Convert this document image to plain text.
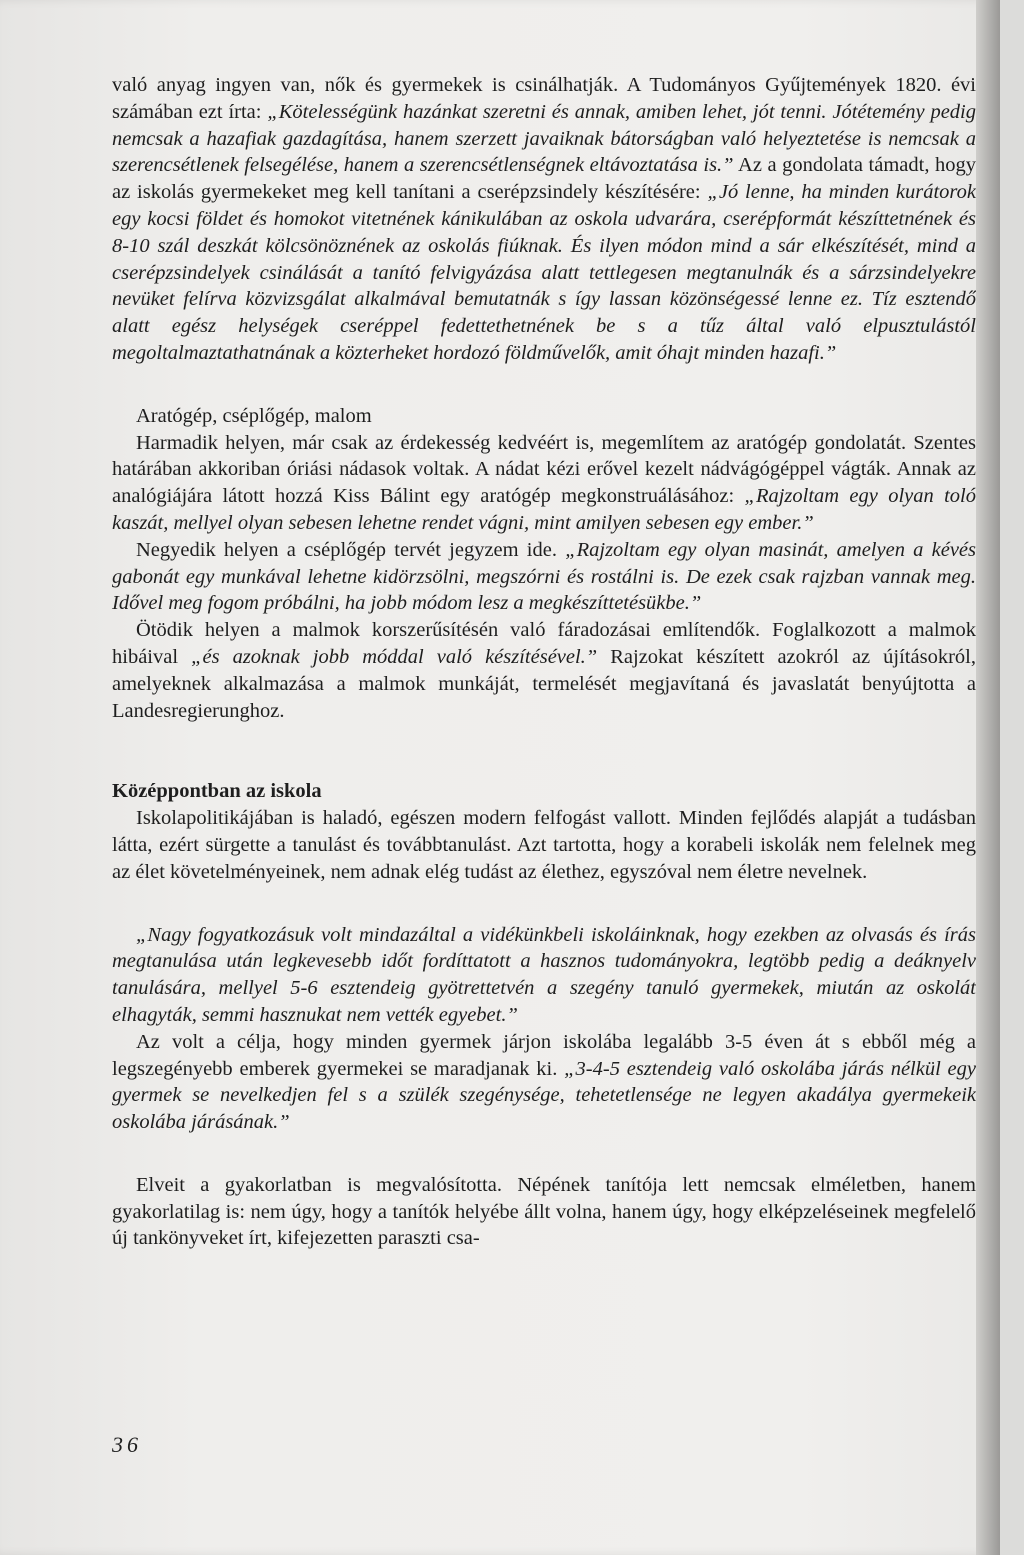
való anyag ingyen van, nők és gyermekek is csinálhatják. A Tudományos Gyűjtemények 1820. évi számában ezt írta: „Kötelességünk hazánkat szeretni és annak, amiben lehet, jót tenni. Jótétemény pedig nemcsak a hazafiak gazdagítása, hanem szerzett javaiknak bátorságban való helyeztetése is nemcsak a szerencsétlenek felsegélése, hanem a szerencsétlenségnek eltávoztatása is.” Az a gondolata támadt, hogy az iskolás gyermekeket meg kell tanítani a cserépzsindely készítésére: „Jó lenne, ha minden kurátorok egy kocsi földet és homokot vitetnének kánikulában az oskola udvarára, cserépformát készíttetnének és 8-10 szál deszkát kölcsönöznének az oskolás fiúknak. És ilyen módon mind a sár elkészítését, mind a cserépzsindelyek csinálását a tanító felvigyázása alatt tettlegesen megtanulnák és a sárzsindelyekre nevüket felírva közvizsgálat alkalmával bemutatnák s így lassan közönségessé lenne ez. Tíz esztendő alatt egész helységek cseréppel fedettethetnének be s a tűz által való elpusztulástól megoltalmaztathatnának a közterheket hordozó földművelők, amit óhajt minden hazafi.”

Aratógép, cséplőgép, malom

Harmadik helyen, már csak az érdekesség kedvéért is, megemlítem az aratógép gondolatát. Szentes határában akkoriban óriási nádasok voltak. A nádat kézi erővel kezelt nádvágógéppel vágták. Annak az analógiájára látott hozzá Kiss Bálint egy aratógép megkonstruálásához: „Rajzoltam egy olyan toló kaszát, mellyel olyan sebesen lehetne rendet vágni, mint amilyen sebesen egy ember.”

Negyedik helyen a cséplőgép tervét jegyzem ide. „Rajzoltam egy olyan masinát, amelyen a kévés gabonát egy munkával lehetne kidörzsölni, megszórni és rostálni is. De ezek csak rajzban vannak meg. Idővel meg fogom próbálni, ha jobb módom lesz a megkészíttetésükbe.”

Ötödik helyen a malmok korszerűsítésén való fáradozásai említendők. Foglalkozott a malmok hibáival „és azoknak jobb móddal való készítésével.” Rajzokat készített azokról az újításokról, amelyeknek alkalmazása a malmok munkáját, termelését megjavítaná és javaslatát benyújtotta a Landesregierunghoz.

Középpontban az iskola

Iskolapolitikájában is haladó, egészen modern felfogást vallott. Minden fejlődés alapját a tudásban látta, ezért sürgette a tanulást és továbbtanulást. Azt tartotta, hogy a korabeli iskolák nem felelnek meg az élet követelményeinek, nem adnak elég tudást az élethez, egyszóval nem életre nevelnek.

„Nagy fogyatkozásuk volt mindazáltal a vidékünkbeli iskoláinknak, hogy ezekben az olvasás és írás megtanulása után legkevesebb időt fordíttatott a hasznos tudományokra, legtöbb pedig a deáknyelv tanulására, mellyel 5-6 esztendeig gyötrettetvén a szegény tanuló gyermekek, miután az oskolát elhagyták, semmi hasznukat nem vették egyebet.”

Az volt a célja, hogy minden gyermek járjon iskolába legalább 3-5 éven át s ebből még a legszegényebb emberek gyermekei se maradjanak ki. „3-4-5 esztendeig való oskolába járás nélkül egy gyermek se nevelkedjen fel s a szülék szegénysége, tehetetlensége ne legyen akadálya gyermekeik oskolába járásának.”

Elveit a gyakorlatban is megvalósította. Népének tanítója lett nemcsak elméletben, hanem gyakorlatilag is: nem úgy, hogy a tanítók helyébe állt volna, hanem úgy, hogy elképzeléseinek megfelelő új tankönyveket írt, kifejezetten paraszti csa-

36
